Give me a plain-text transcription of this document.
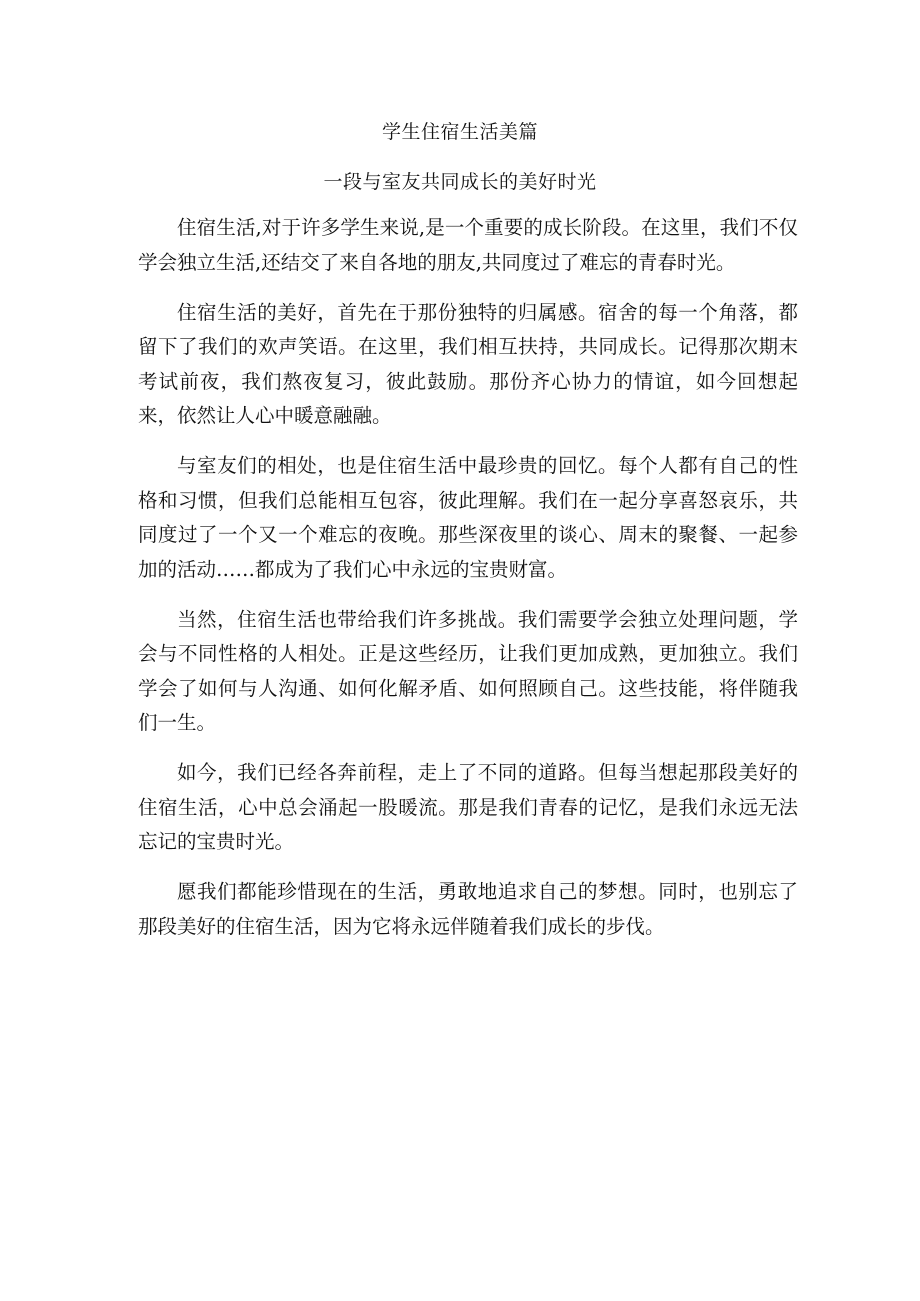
学生住宿生活美篇
一段与室友共同成长的美好时光

住宿生活,对于许多学生来说,是一个重要的成长阶段。在这里，我们不仅学会独立生活,还结交了来自各地的朋友,共同度过了难忘的青春时光。

住宿生活的美好，首先在于那份独特的归属感。宿舍的每一个角落，都留下了我们的欢声笑语。在这里，我们相互扶持，共同成长。记得那次期末考试前夜，我们熬夜复习，彼此鼓励。那份齐心协力的情谊，如今回想起来，依然让人心中暖意融融。

与室友们的相处，也是住宿生活中最珍贵的回忆。每个人都有自己的性格和习惯，但我们总能相互包容，彼此理解。我们在一起分享喜怒哀乐，共同度过了一个又一个难忘的夜晚。那些深夜里的谈心、周末的聚餐、一起参加的活动……都成为了我们心中永远的宝贵财富。

当然，住宿生活也带给我们许多挑战。我们需要学会独立处理问题，学会与不同性格的人相处。正是这些经历，让我们更加成熟，更加独立。我们学会了如何与人沟通、如何化解矛盾、如何照顾自己。这些技能，将伴随我们一生。

如今，我们已经各奔前程，走上了不同的道路。但每当想起那段美好的住宿生活，心中总会涌起一股暖流。那是我们青春的记忆，是我们永远无法忘记的宝贵时光。

愿我们都能珍惜现在的生活，勇敢地追求自己的梦想。同时，也别忘了那段美好的住宿生活，因为它将永远伴随着我们成长的步伐。
